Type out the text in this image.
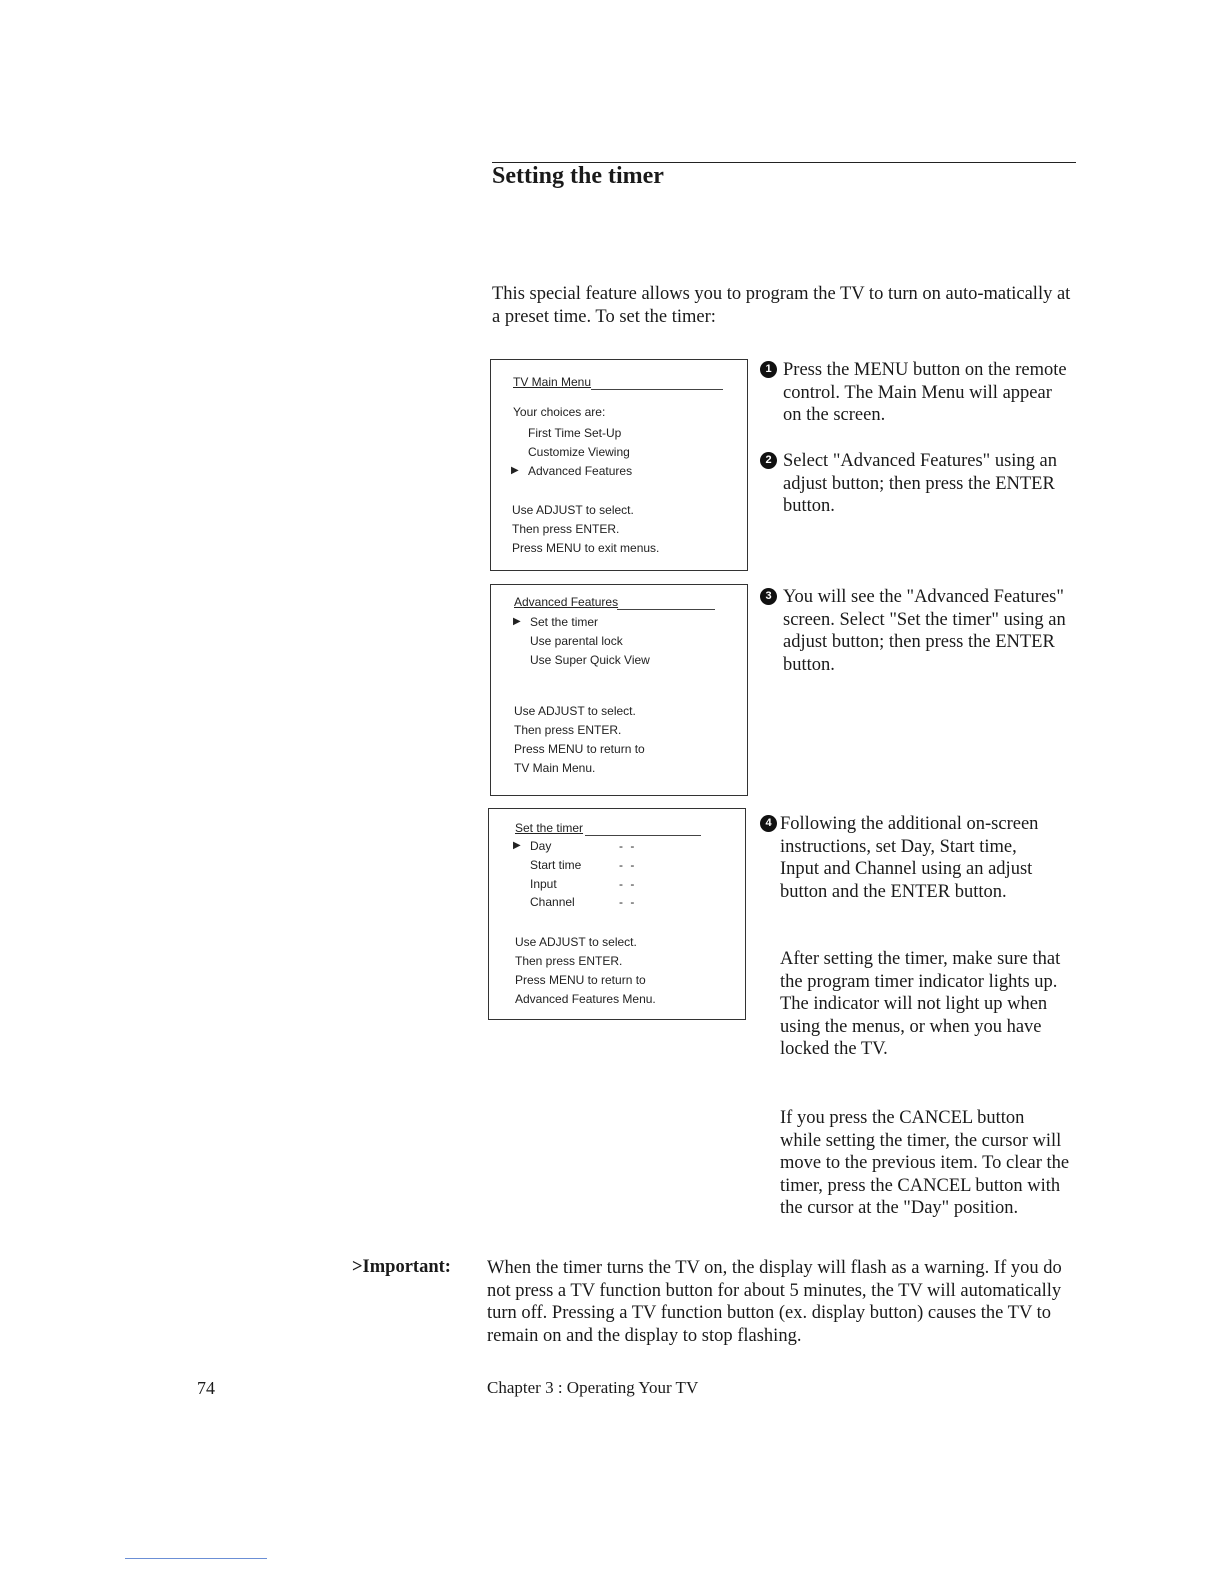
Setting the timer

This special feature allows you to program the TV to turn on auto-matically at a preset time. To set the timer:

TV Main Menu
Your choices are:
First Time Set-Up
Customize Viewing
▶ Advanced Features
Use ADJUST to select.
Then press ENTER.
Press MENU to exit menus.
Advanced Features
▶ Set the timer
Use parental lock
Use Super Quick View
Use ADJUST to select.
Then press ENTER.
Press MENU to return to
TV Main Menu.
Set the timer
▶ Day	- -
Start time	- -
Input	- -
Channel	- -
Use ADJUST to select.
Then press ENTER.
Press MENU to return to
Advanced Features Menu.
1 Press the MENU button on the remote control. The Main Menu will appear on the screen.
2 Select "Advanced Features" using an adjust button; then press the ENTER button.
3 You will see the "Advanced Features" screen. Select "Set the timer" using an adjust button; then press the ENTER button.
4 Following the additional on-screen instructions, set Day, Start time, Input and Channel using an adjust button and the ENTER button.

After setting the timer, make sure that the program timer indicator lights up. The indicator will not light up when using the menus, or when you have locked the TV.

If you press the CANCEL button while setting the timer, the cursor will move to the previous item. To clear the timer, press the CANCEL button with the cursor at the "Day" position.

>Important: When the timer turns the TV on, the display will flash as a warning. If you do not press a TV function button for about 5 minutes, the TV will automatically turn off. Pressing a TV function button (ex. display button) causes the TV to remain on and the display to stop flashing.

74	Chapter 3 : Operating Your TV
